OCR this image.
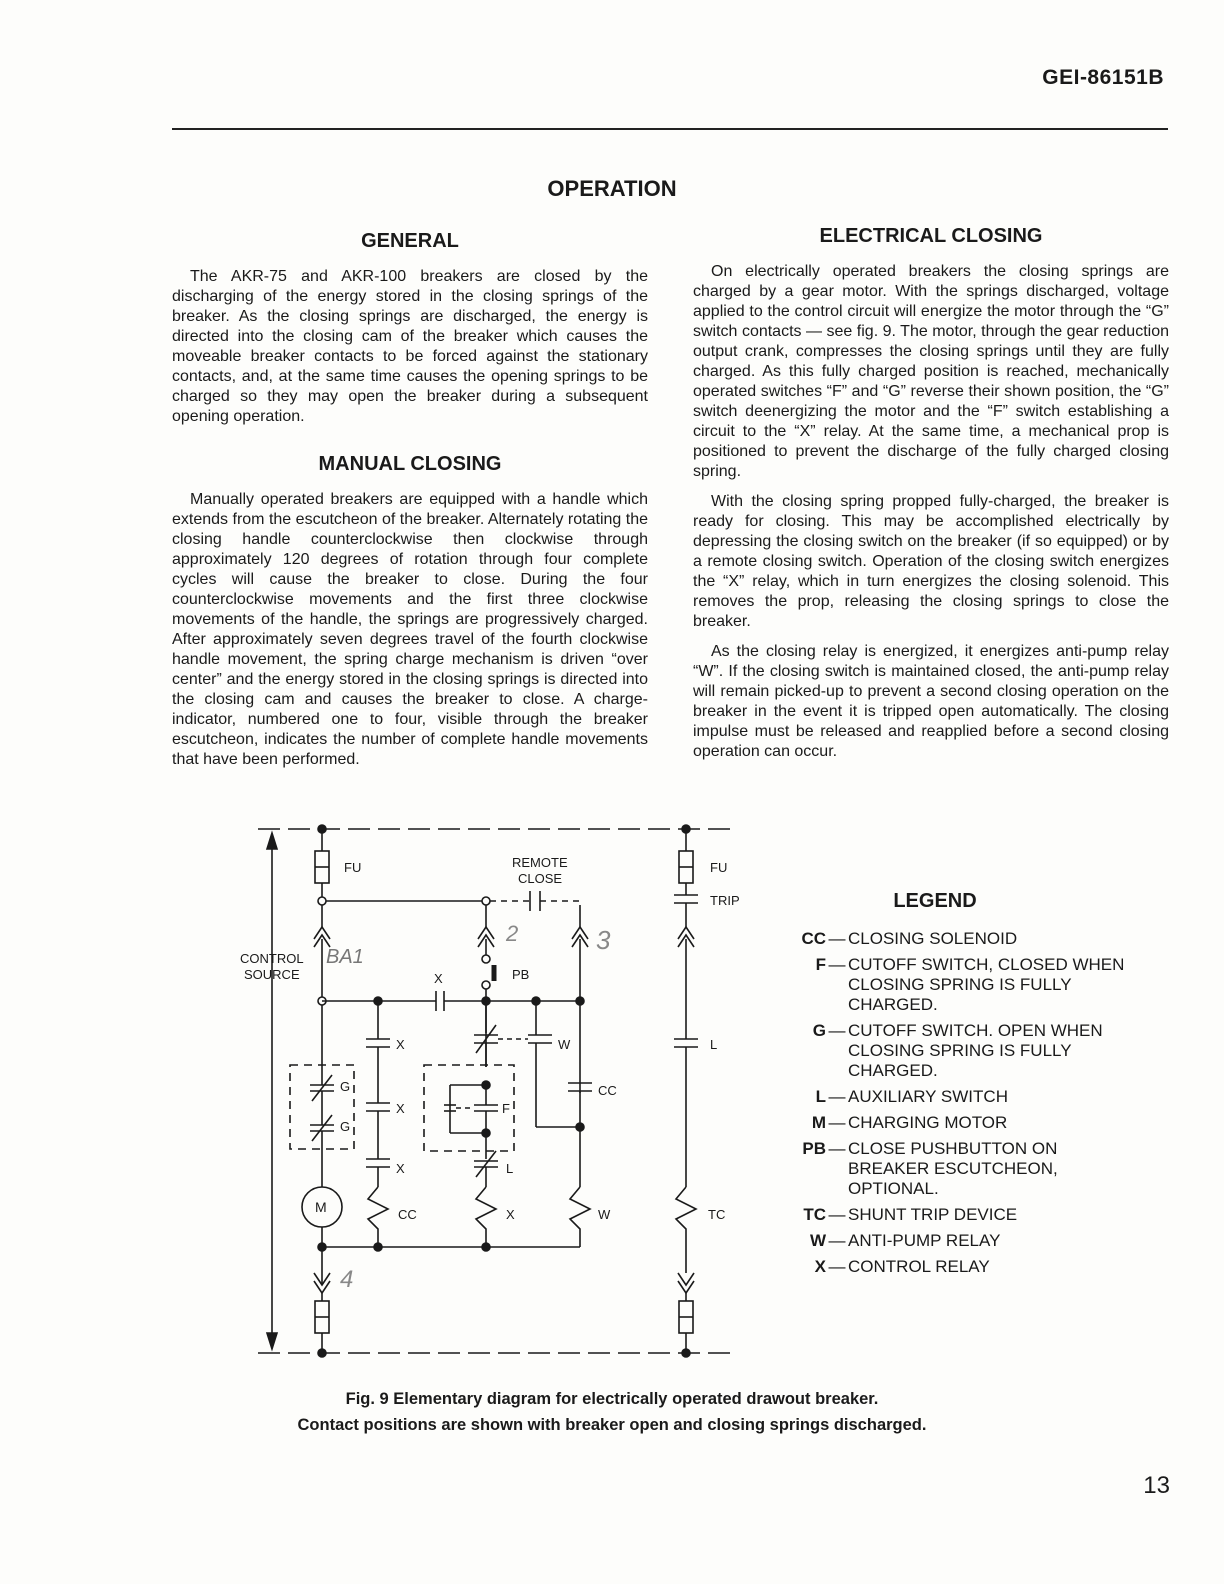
GEI-86151B
OPERATION
GENERAL

The AKR-75 and AKR-100 breakers are closed by the discharging of the energy stored in the closing springs of the breaker. As the closing springs are discharged, the energy is directed into the closing cam of the breaker which causes the moveable breaker contacts to be forced against the stationary contacts, and, at the same time causes the opening springs to be charged so they may open the breaker during a subsequent opening operation.

MANUAL CLOSING

Manually operated breakers are equipped with a handle which extends from the escutcheon of the breaker. Alternately rotating the closing handle counterclockwise then clockwise through approximately 120 degrees of rotation through four complete cycles will cause the breaker to close. During the four counterclockwise movements and the first three clockwise movements of the handle, the springs are progressively charged. After approximately seven degrees travel of the fourth clockwise handle movement, the spring charge mechanism is driven “over center” and the energy stored in the closing springs is directed into the closing cam and causes the breaker to close. A charge-indicator, numbered one to four, visible through the breaker escutcheon, indicates the number of complete handle movements that have been performed.

ELECTRICAL CLOSING

On electrically operated breakers the closing springs are charged by a gear motor. With the springs discharged, voltage applied to the control circuit will energize the motor through the “G” switch contacts — see fig. 9. The motor, through the gear reduction output crank, compresses the closing springs until they are fully charged. As this fully charged position is reached, mechanically operated switches “F” and “G” reverse their shown position, the “G” switch deenergizing the motor and the “F” switch establishing a circuit to the “X” relay. At the same time, a mechanical prop is positioned to prevent the discharge of the fully charged closing spring.

With the closing spring propped fully-charged, the breaker is ready for closing. This may be accomplished electrically by depressing the closing switch on the breaker (if so equipped) or by a remote closing switch. Operation of the closing switch energizes the “X” relay, which in turn energizes the closing solenoid. This removes the prop, releasing the closing springs to close the breaker.

As the closing relay is energized, it energizes anti-pump relay “W”. If the closing switch is maintained closed, the anti-pump relay will remain picked-up to prevent a second closing operation on the breaker in the event it is tripped open automatically. The closing impulse must be released and reapplied before a second closing operation can occur.

CONTROL
SOURCE
FU
G
G
M
REMOTE
CLOSE
PB
X
X
X
X
CC
W
F
L
X
CC
W
FU
TRIP
L
TC
BA1
2	3
4
LEGEND
CC — CLOSING SOLENOID
F — CUTOFF SWITCH, CLOSED WHEN CLOSING SPRING IS FULLY CHARGED.
G — CUTOFF SWITCH. OPEN WHEN CLOSING SPRING IS FULLY CHARGED.
L — AUXILIARY SWITCH
M — CHARGING MOTOR
PB — CLOSE PUSHBUTTON ON BREAKER ESCUTCHEON, OPTIONAL.
TC — SHUNT TRIP DEVICE
W — ANTI-PUMP RELAY
X — CONTROL RELAY
Fig. 9 Elementary diagram for electrically operated drawout breaker.
Contact positions are shown with breaker open and closing springs discharged.
13
